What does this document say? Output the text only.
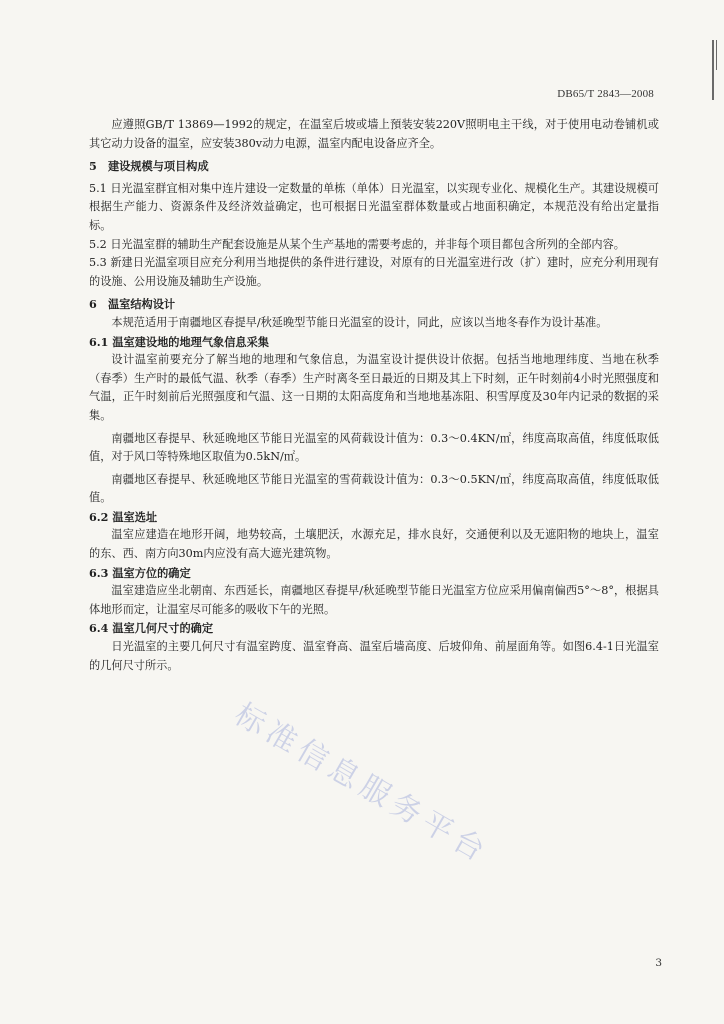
DB65/T 2843—2008
标准信息服务平台

应遵照GB/T 13869—1992的规定，在温室后坡或墙上預装安装220V照明电主干线，对于使用电动卷铺机或其它动力设备的温室，应安装380v动力电源，温室内配电设备应齐全。

5　建设规模与项目构成

5.1 日光温室群宜相对集中连片建设一定数量的单栋（单体）日光温室，以实现专业化、规模化生产。其建设规模可根据生产能力、资源条件及经济效益确定，也可根据日光温室群体数量或占地面积确定，本规范没有给出定量指标。

5.2 日光温室群的辅助生产配套设施是从某个生产基地的需要考虑的，并非每个项目都包含所列的全部内容。

5.3 新建日光温室项目应充分利用当地提供的条件进行建设，对原有的日光温室进行改（扩）建时，应充分利用现有的设施、公用设施及辅助生产设施。

6　温室结构设计

本规范适用于南疆地区春提早/秋延晚型节能日光温室的设计，同此，应该以当地冬春作为设计基准。

6.1 温室建设地的地理气象信息采集

设计温室前要充分了解当地的地理和气象信息，为温室设计提供设计依据。包括当地地理纬度、当地在秋季（春季）生产时的最低气温、秋季（春季）生产时离冬至日最近的日期及其上下时刻，正午时刻前4小时光照强度和气温，正午时刻前后光照强度和气温、这一日期的太阳高度角和当地地基冻阻、积雪厚度及30年内记录的数据的采集。

南疆地区春提早、秋延晚地区节能日光温室的风荷载设计值为：0.3～0.4KN/㎡，纬度高取高值，纬度低取低值，对于风口等特殊地区取值为0.5kN/㎡。

南疆地区春提早、秋延晚地区节能日光温室的雪荷载设计值为：0.3～0.5KN/㎡，纬度高取高值，纬度低取低值。

6.2 温室选址

温室应建造在地形开阔，地势较高，土壤肥沃，水源充足，排水良好，交通便利以及无遮阳物的地块上，温室的东、西、南方向30m内应没有高大遮光建筑物。

6.3 温室方位的确定

温室建造应坐北朝南、东西延长，南疆地区春提早/秋延晚型节能日光温室方位应采用偏南偏西5°～8°，根据具体地形而定，让温室尽可能多的吸收下午的光照。

6.4 温室几何尺寸的确定

日光温室的主要几何尺寸有温室跨度、温室脊高、温室后墙高度、后坡仰角、前屋面角等。如图6.4-1日光温室的几何尺寸所示。

3
